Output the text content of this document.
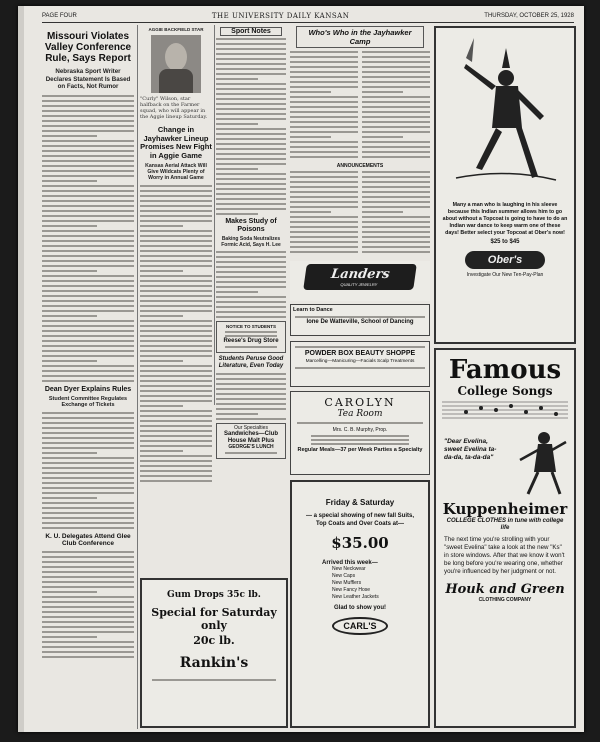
PAGE FOUR	THE UNIVERSITY DAILY KANSAN	THURSDAY, OCTOBER 25, 1928
Missouri Violates Valley Conference Rule, Says Report
Nebraska Sport Writer Declares Statement Is Based on Facts, Not Rumor
Dean Dyer Explains Rules
Student Committee Regulates Exchange of Tickets
K. U. Delegates Attend Glee Club Conference
AGGIE BACKFIELD STAR
"Curly" Wilson, star halfback on the Farmer squad, who will appear in the Aggie lineup Saturday.
Change in Jayhawker Lineup Promises New Fight in Aggie Game
Kansas Aerial Attack Will Give Wildcats Plenty of Worry in Annual Game
Sport Notes
Makes Study of Poisons
Baking Soda Neutralizes Formic Acid, Says H. Lee
NOTICE TO STUDENTS
Reese's Drug Store
Students Peruse Good Literature, Even Today
Our Specialties
Sandwiches—Club House Malt Plus
GEORGE'S LUNCH
Who's Who in the Jayhawker Camp
ANNOUNCEMENTS
Landers
QUALITY JEWELRY
Learn to Dance
Ione De Watteville, School of Dancing
POWDER BOX BEAUTY SHOPPE
Marcelling—Manicuring—Facials Scalp Treatments
CAROLYN
Tea Room
Mrs. C. B. Murphy, Prop.
Regular Meals—37 per Week Parties a Specialty
Gum Drops 35c lb.
Special for Saturday only
20c lb.
Rankin's
Friday & Saturday
— a special showing of new fall Suits, Top Coats and Over Coats at—
$35.00
Arrived this week—
New Neckwear
New Caps
New Mufflers
New Fancy Hose
New Leather Jackets
Glad to show you!
CARL'S
Many a man who is laughing in his sleeve because this Indian summer allows him to go about without a Topcoat is going to have to do an Indian war dance to keep warm one of these days! Better select your Topcoat at Ober's now!
$25 to $45
Ober's
Investigate Our New Ten-Pay-Plan
Famous
College Songs
"Dear Evelina, sweet Evelina ta-da-da, ta-da-da"
Kuppenheimer
COLLEGE CLOTHES in tune with college life
The next time you're strolling with your "sweet Evelina" take a look at the new "Ks" in store windows. After that we know it won't be long before you're wearing one, whether you're influenced by her judgment or not.
Houk and Green
CLOTHING COMPANY
